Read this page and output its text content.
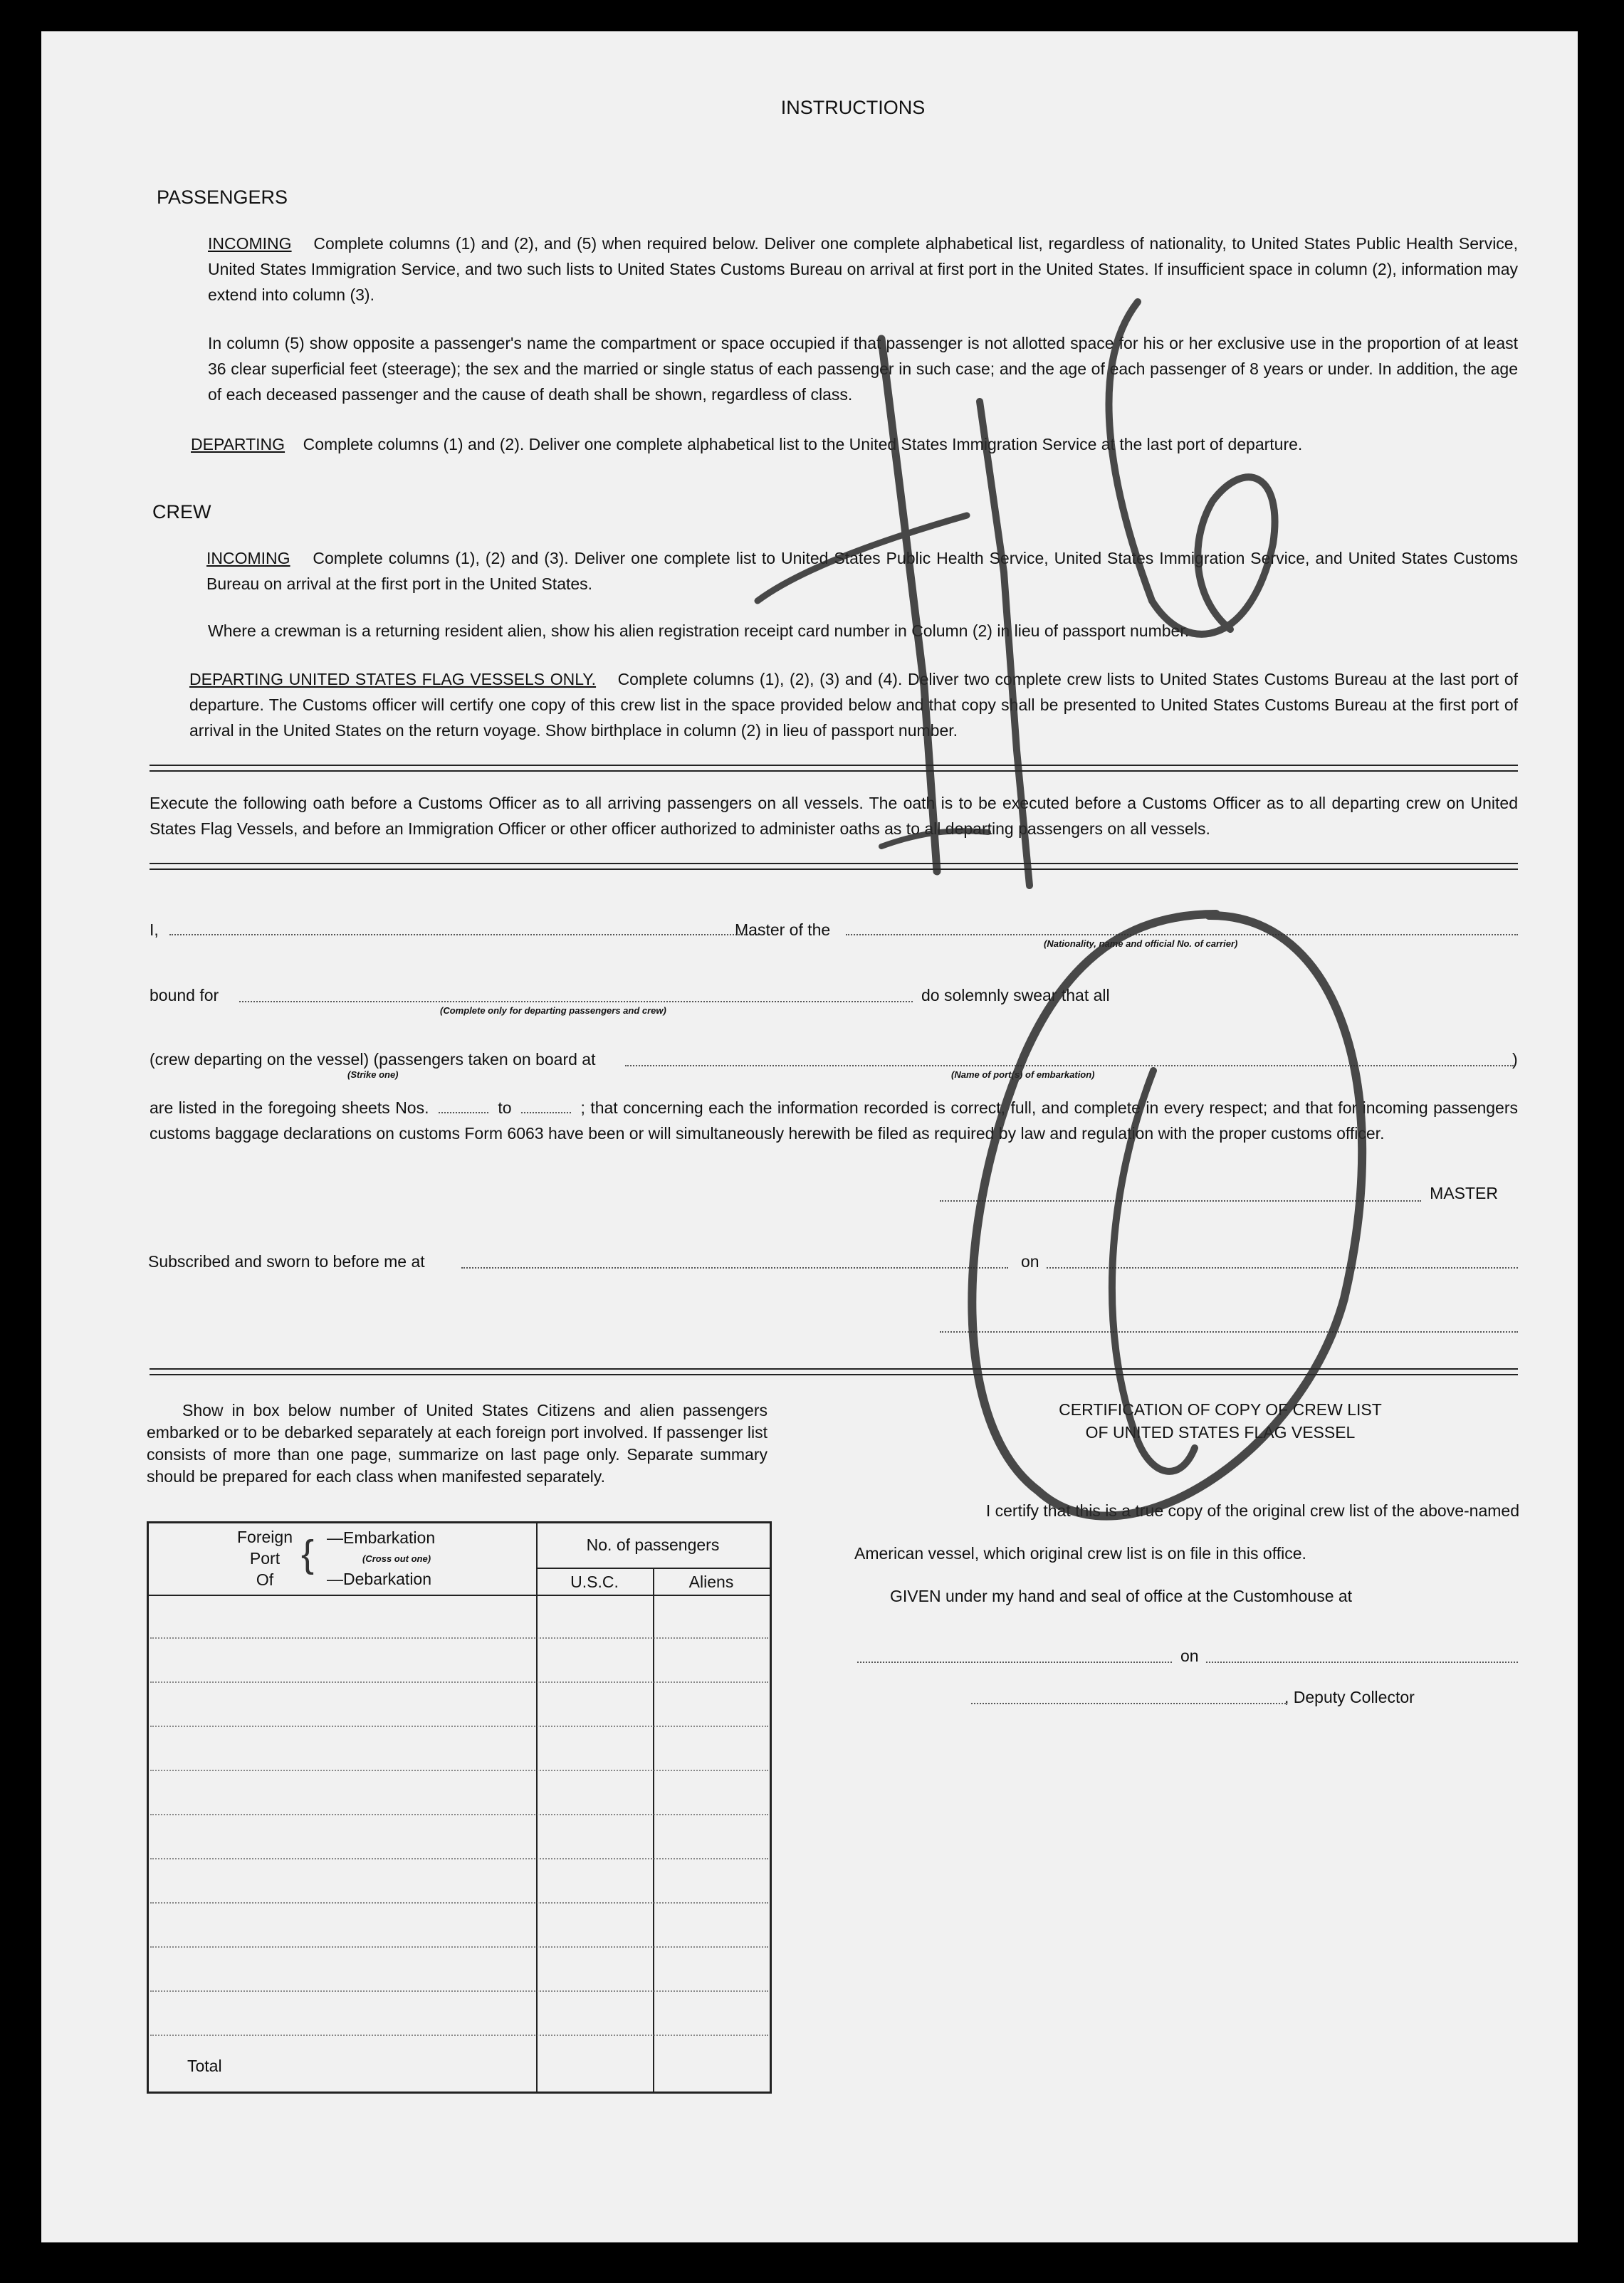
INSTRUCTIONS
PASSENGERS
INCOMING Complete columns (1) and (2), and (5) when required below. Deliver one complete alphabetical list, regardless of nationality, to United States Public Health Service, United States Immigration Service, and two such lists to United States Customs Bureau on arrival at first port in the United States. If insufficient space in column (2), information may extend into column (3).
In column (5) show opposite a passenger's name the compartment or space occupied if that passenger is not allotted space for his or her exclusive use in the proportion of at least 36 clear superficial feet (steerage); the sex and the married or single status of each passenger in such case; and the age of each passenger of 8 years or under. In addition, the age of each deceased passenger and the cause of death shall be shown, regardless of class.
DEPARTING Complete columns (1) and (2). Deliver one complete alphabetical list to the United States Immigration Service at the last port of departure.
CREW
INCOMING Complete columns (1), (2) and (3). Deliver one complete list to United States Public Health Service, United States Immigration Service, and United States Customs Bureau on arrival at the first port in the United States.
Where a crewman is a returning resident alien, show his alien registration receipt card number in Column (2) in lieu of passport number.
DEPARTING UNITED STATES FLAG VESSELS ONLY. Complete columns (1), (2), (3) and (4). Deliver two complete crew lists to United States Customs Bureau at the last port of departure. The Customs officer will certify one copy of this crew list in the space provided below and that copy shall be presented to United States Customs Bureau at the first port of arrival in the United States on the return voyage. Show birthplace in column (2) in lieu of passport number.
Execute the following oath before a Customs Officer as to all arriving passengers on all vessels. The oath is to be executed before a Customs Officer as to all departing crew on United States Flag Vessels, and before an Immigration Officer or other officer authorized to administer oaths as to all departing passengers on all vessels.
I,	Master of the
(Nationality, name and official No. of carrier)
bound for
(Complete only for departing passengers and crew)
do solemnly swear that all
(crew departing on the vessel) (passengers taken on board at
(Strike one)
)
(Name of port(s) of embarkation)
are listed in the foregoing sheets Nos.	to	; that concerning each the information recorded is correct, full, and complete in every respect; and that for incoming passengers customs baggage declarations on customs Form 6063 have been or will simultaneously herewith be filed as required by law and regulation with the proper customs officer.
MASTER
Subscribed and sworn to before me at	on
Show in box below number of United States Citizens and alien passengers embarked or to be debarked separately at each foreign port involved. If passenger list consists of more than one page, summarize on last page only. Separate summary should be prepared for each class when manifested separately.
Foreign
Port
Of
{ —Embarkation
(Cross out one)
—Debarkation
No. of passengers
U.S.C.	Aliens
Total
CERTIFICATION OF COPY OF CREW LIST
OF UNITED STATES FLAG VESSEL
I certify that this is a true copy of the original crew list of the above-named
American vessel, which original crew list is on file in this office.
GIVEN under my hand and seal of office at the Customhouse at
on
, Deputy Collector
